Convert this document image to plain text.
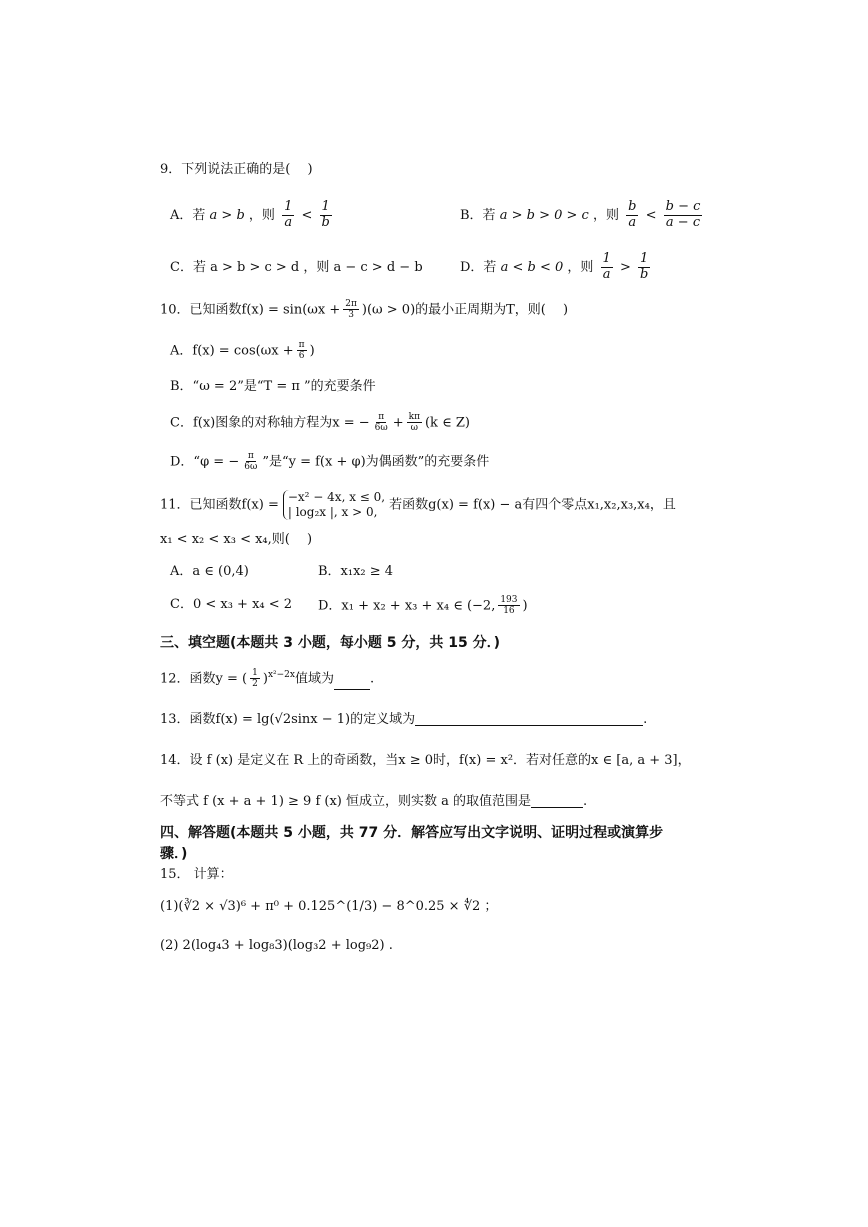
9．下列说法正确的是(　 )
A．若 a > b ，则 $\frac{1}{a} < \frac{1}{b}$	B．若 a > b > 0 > c ，则 $\frac{b}{a} < \frac{b - c}{a - c}$
C．若 a > b > c > d ，则 a − c > d − b	D．若 a < b < 0 ，则 $\frac{1}{a} > \frac{1}{b}$
10．已知函数$f(x) = \sin(\omega x + \frac{2\pi}{3} )(\omega > 0)$的最小正周期为T，则(　 )
A．$f(x) = \cos(\omega x + \frac{\pi}{6}$ )
B．“ω = 2”是“T = π ”的充要条件
C．f(x)图象的对称轴方程为x = − $\frac{\pi}{6\omega} + \frac{k\pi}{\omega} (k$ ∈ Z)
D．“φ = − $\frac{\pi}{6\omega}$ ”是“y = f(x + φ)为偶函数”的充要条件
11．已知函数f(x) =
−x² − 4x, x ≤ 0,
| log₂x |, x > 0, 若函数g(x) = f(x) − a有四个零点x₁,x₂,x₃,x₄，且
x₁ < x₂ < x₃ < x₄,则(　 )
A．a ∈ (0,4)	B．x₁x₂ ≥ 4
C．0 < x₃ + x₄ < 2 D．x₁ + x₂ + x₃ + x₄ ∈ (−2, $\frac{193}{16}$ )
三、填空题(本题共 3 小题，每小题 5 分，共 15 分．)
12．函数y = ( $\frac{1}{2} )^{x^2-2x}$值域为	.
13．函数f(x) = lg(√2sinx − 1)的定义域为	.
14．设 f (x) 是定义在 R 上的奇函数，当x ≥ 0时，f(x) = x²．若对任意的x ∈ [a, a + 3]，
不等式 f (x + a + 1) ≥ 9 f (x) 恒成立，则实数 a 的取值范围是	.
四、解答题(本题共 5 小题，共 77 分．解答应写出文字说明、证明过程或演算步
骤．)
15． 计算：
(1)(∛2 × √3)⁶ + π⁰ + 0.125^(1/3) − 8^0.25 × ∜2 ；
(2) 2(log₄3 + log₈3)(log₃2 + log₉2) .
